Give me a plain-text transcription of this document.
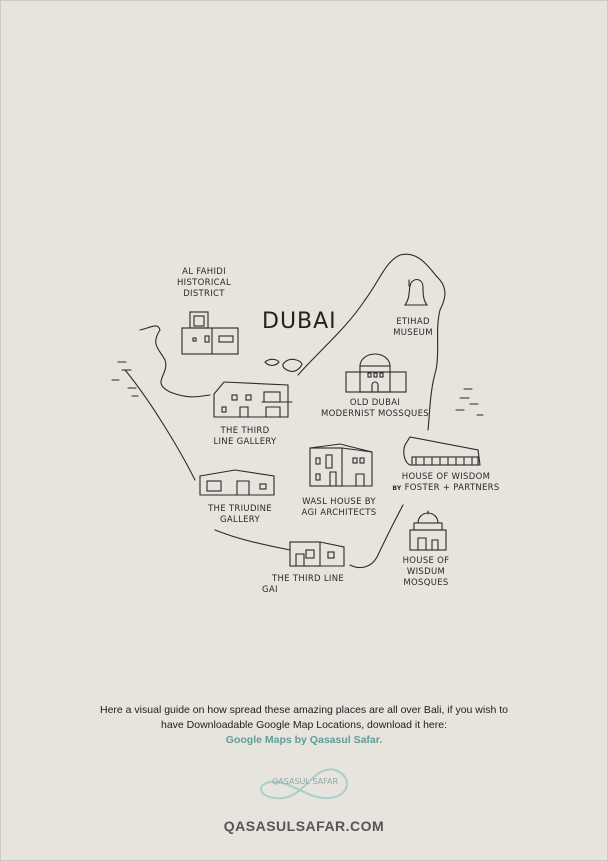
DUBAI
AL FAHIDI
HISTORICAL
DISTRICT
ETIHAD
MUSEUM
OLD DUBAI
MODERNIST MOSSQUES
THE THIRD
LINE GALLERY
HOUSE OF WISDOM
BY FOSTER + PARTNERS
WASL HOUSE BY
AGI ARCHITECTS
THE TRIUDINE
GALLERY
HOUSE OF
WISDUM
MOSQUES
THE THIRD LINE
GAI
Here a visual guide on how spread these amazing places are all over Bali, if you wish to have Downloadable Google Map Locations, download it here:
Google Maps by Qasasul Safar.
QASASUL SAFAR
QASASULSAFAR.COM
